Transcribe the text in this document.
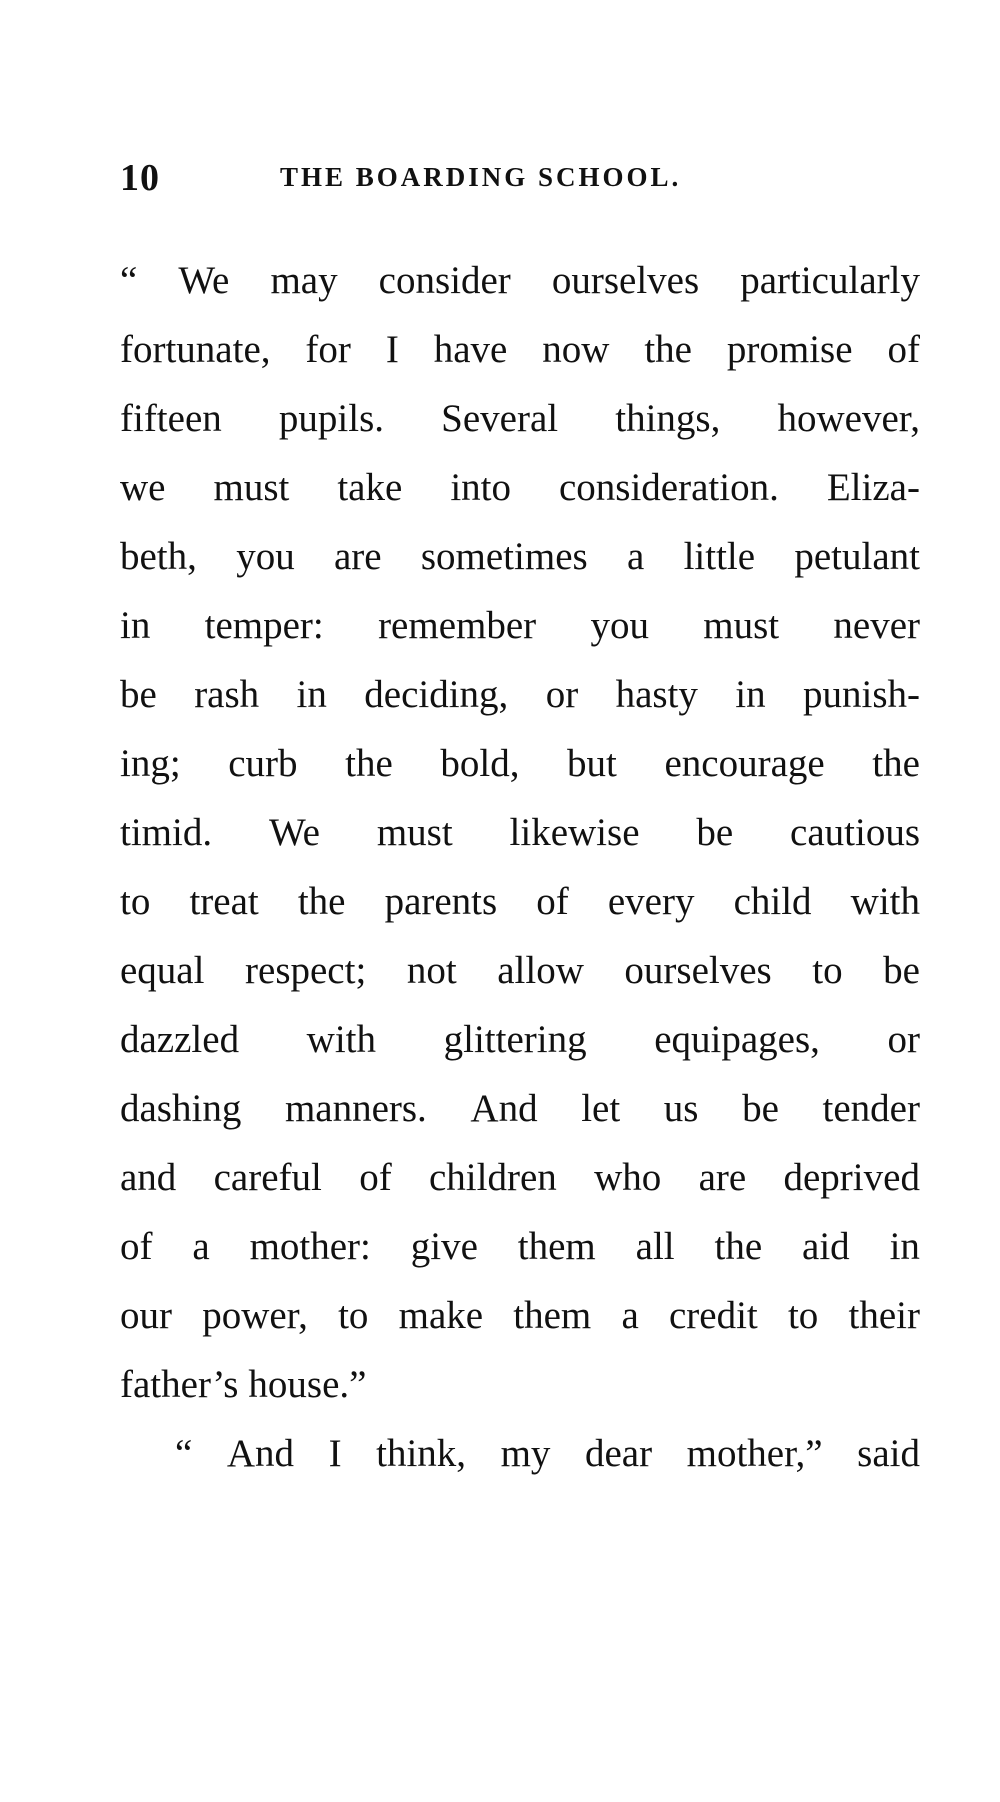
10	THE BOARDING SCHOOL.
“ We may consider ourselves particularly
fortunate, for I have now the promise of
fifteen pupils. Several things, however,
we must take into consideration. Eliza-
beth, you are sometimes a little petulant
in temper: remember you must never
be rash in deciding, or hasty in punish-
ing; curb the bold, but encourage the
timid. We must likewise be cautious
to treat the parents of every child with
equal respect; not allow ourselves to be
dazzled with glittering equipages, or
dashing manners. And let us be tender
and careful of children who are deprived
of a mother: give them all the aid in
our power, to make them a credit to their
father’s house.”
“ And I think, my dear mother,” said
